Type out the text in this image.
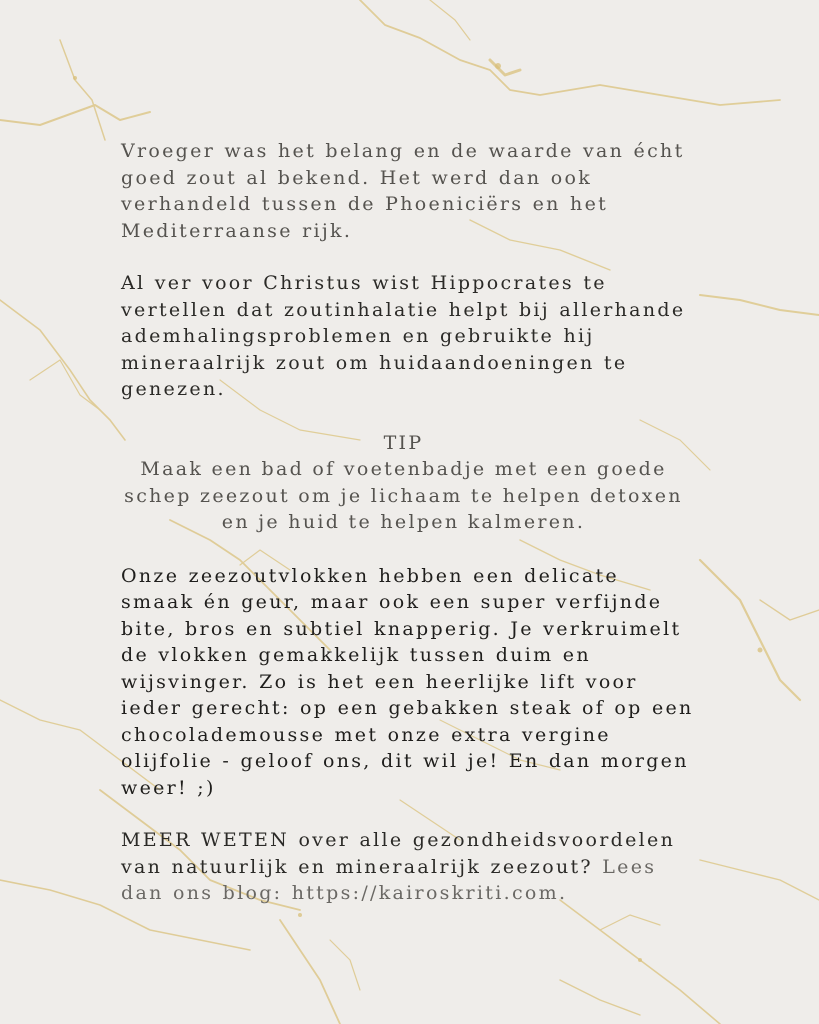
Vroeger was het belang en de waarde van écht goed zout al bekend. Het werd dan ook verhandeld tussen de Phoeniciërs en het Mediterraanse rijk.

Al ver voor Christus wist Hippocrates te vertellen dat zoutinhalatie helpt bij allerhande ademhalingsproblemen en gebruikte hij mineraalrijk zout om huidaandoeningen te genezen.

TIP
Maak een bad of voetenbadje met een goede schep zeezout om je lichaam te helpen detoxen en je huid te helpen kalmeren.

Onze zeezoutvlokken hebben een delicate smaak én geur, maar ook een super verfijnde bite, bros en subtiel knapperig. Je verkruimelt de vlokken gemakkelijk tussen duim en wijsvinger. Zo is het een heerlijke lift voor ieder gerecht: op een gebakken steak of op een chocolademousse met onze extra vergine olijfolie - geloof ons, dit wil je! En dan morgen weer! ;)

MEER WETEN over alle gezondheidsvoordelen van natuurlijk en mineraalrijk zeezout? Lees dan ons blog: https://kairoskriti.com.
